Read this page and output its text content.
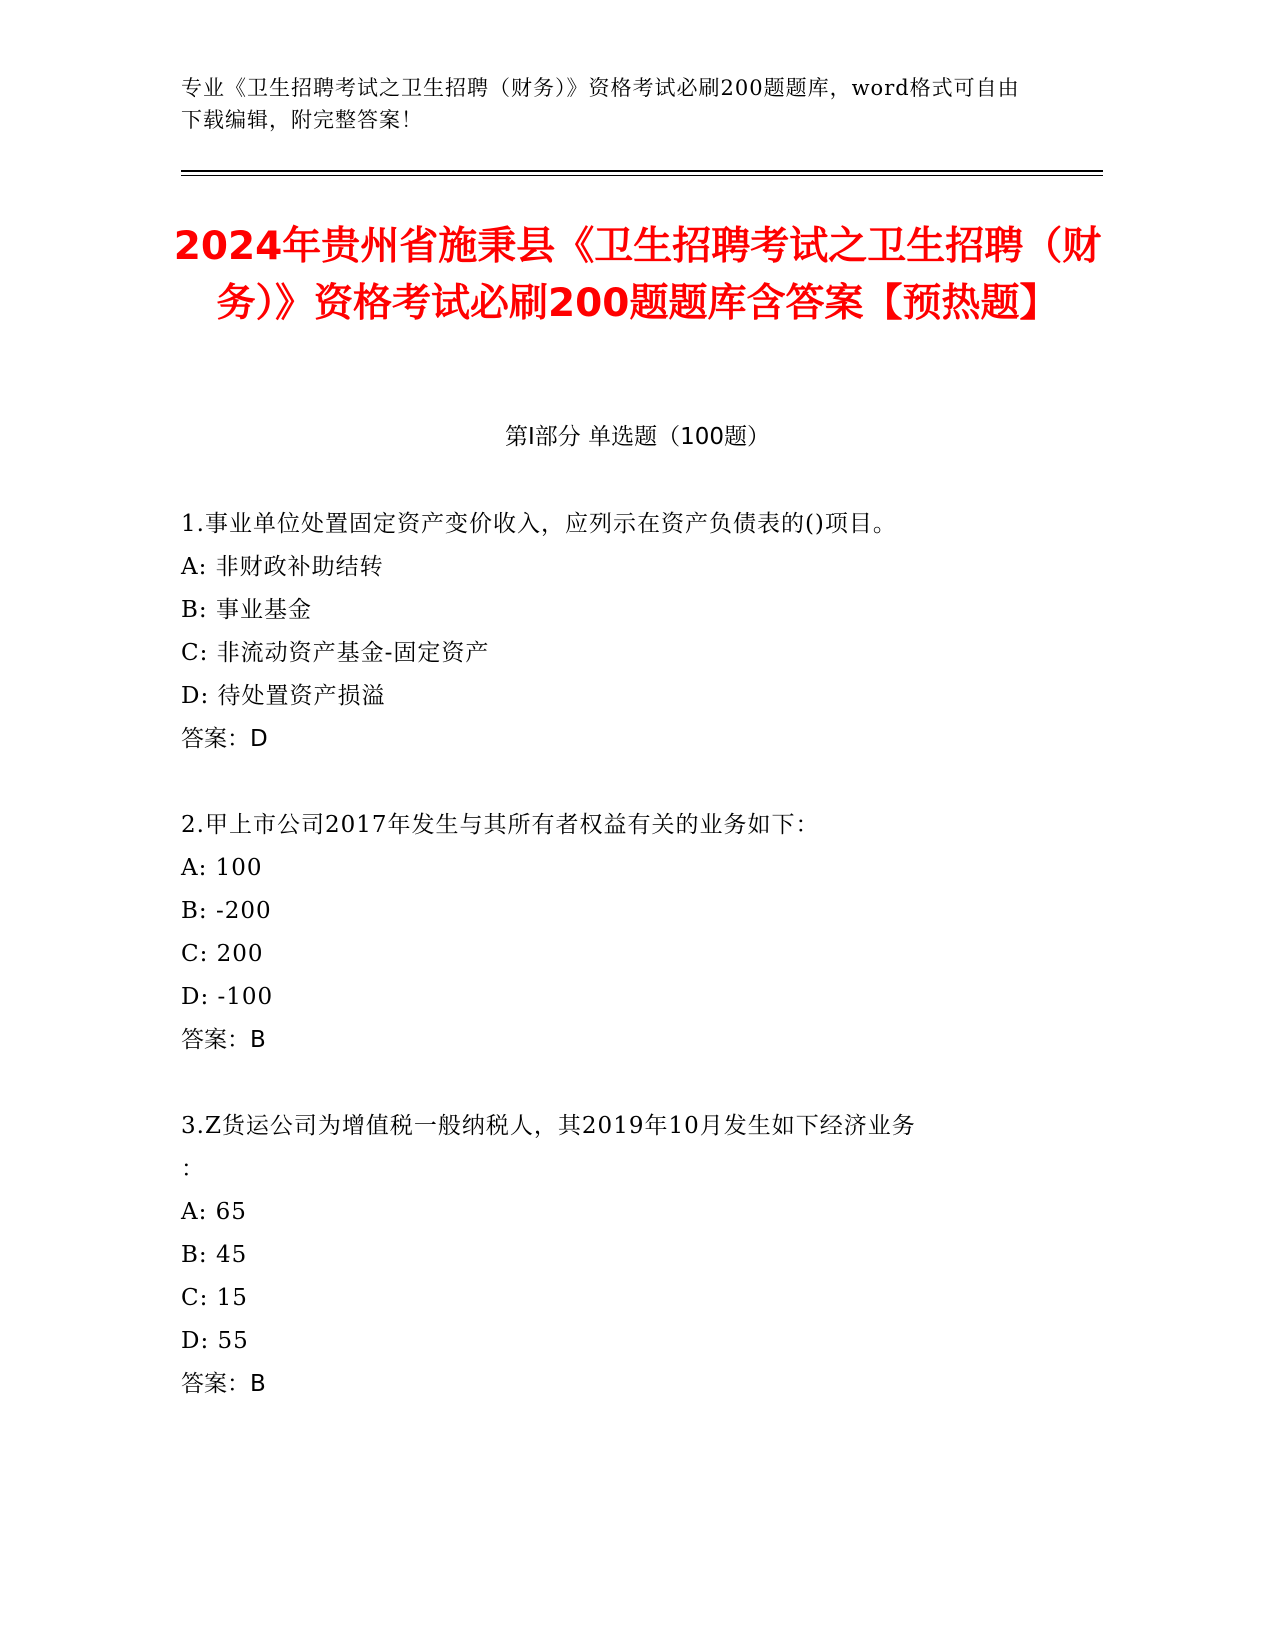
专业《卫生招聘考试之卫生招聘（财务）》资格考试必刷200题题库，word格式可自由下载编辑，附完整答案！
2024年贵州省施秉县《卫生招聘考试之卫生招聘（财务）》资格考试必刷200题题库含答案【预热题】
第Ⅰ部分 单选题（100题）
1.事业单位处置固定资产变价收入，应列示在资产负债表的()项目。
A: 非财政补助结转
B: 事业基金
C: 非流动资产基金-固定资产
D: 待处置资产损溢
答案：D
2.甲上市公司2017年发生与其所有者权益有关的业务如下：
A: 100
B: -200
C: 200
D: -100
答案：B
3.Z货运公司为增值税一般纳税人，其2019年10月发生如下经济业务
：
A: 65
B: 45
C: 15
D: 55
答案：B
